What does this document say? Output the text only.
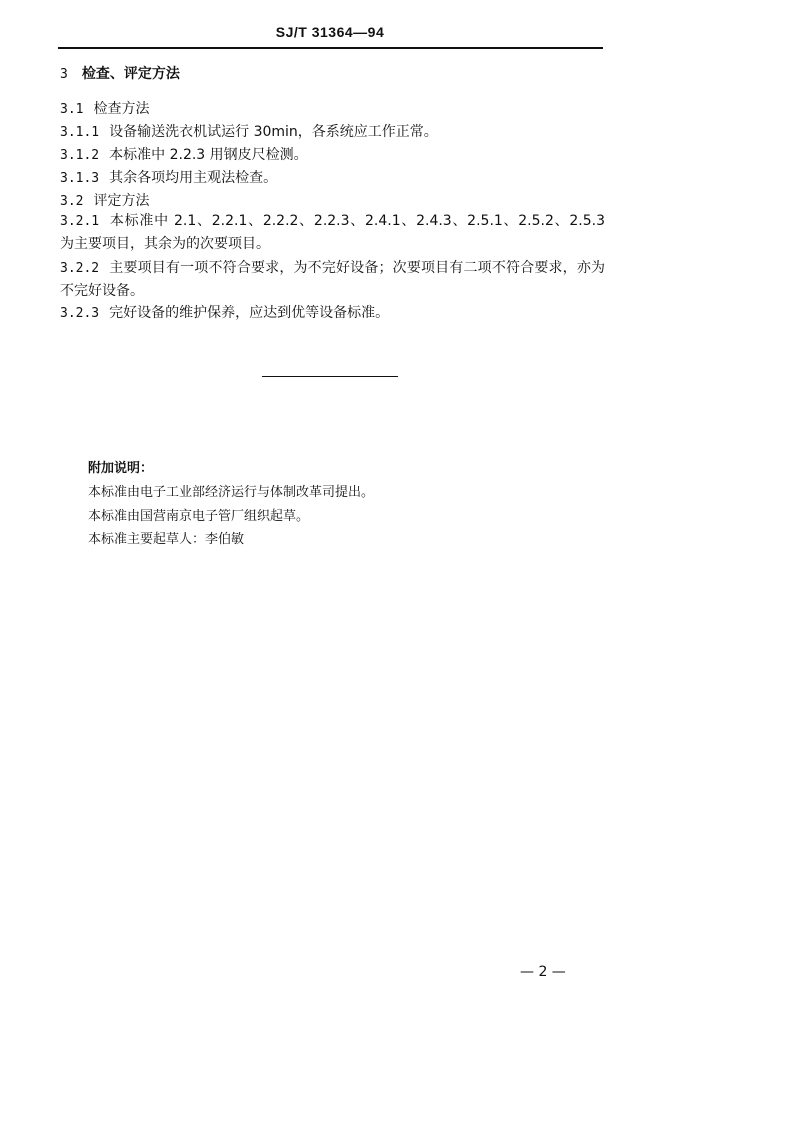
SJ/T 31364—94
3 检查、评定方法
3.1 检查方法
3.1.1 设备输送洗衣机试运行 30min，各系统应工作正常。
3.1.2 本标准中 2.2.3 用钢皮尺检测。
3.1.3 其余各项均用主观法检查。
3.2 评定方法
3.2.1 本标准中 2.1、2.2.1、2.2.2、2.2.3、2.4.1、2.4.3、2.5.1、2.5.2、2.5.3 为主要项目，其余为的次要项目。
3.2.2 主要项目有一项不符合要求，为不完好设备；次要项目有二项不符合要求，亦为不完好设备。
3.2.3 完好设备的维护保养，应达到优等设备标准。
附加说明：
本标准由电子工业部经济运行与体制改革司提出。
本标准由国营南京电子管厂组织起草。
本标准主要起草人：李伯敏
— 2 —
